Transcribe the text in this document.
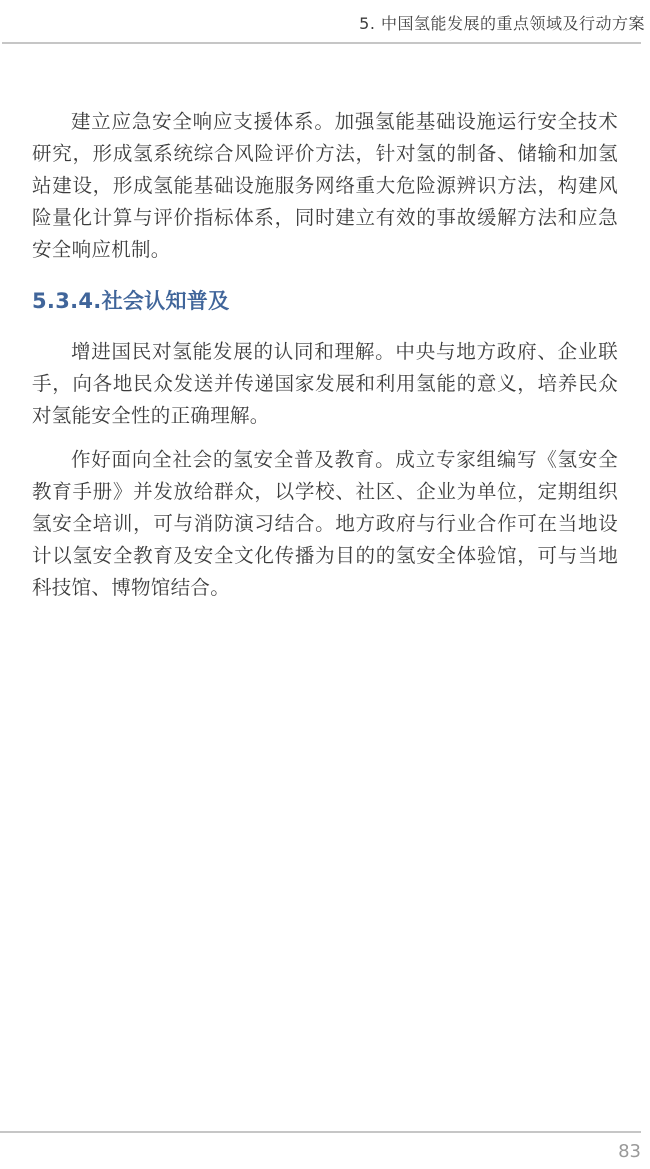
5. 中国氢能发展的重点领域及行动方案

建立应急安全响应支援体系。加强氢能基础设施运行安全技术研究，形成氢系统综合风险评价方法，针对氢的制备、储输和加氢站建设，形成氢能基础设施服务网络重大危险源辨识方法，构建风险量化计算与评价指标体系，同时建立有效的事故缓解方法和应急安全响应机制。

5.3.4.社会认知普及

增进国民对氢能发展的认同和理解。中央与地方政府、企业联手，向各地民众发送并传递国家发展和利用氢能的意义，培养民众对氢能安全性的正确理解。

作好面向全社会的氢安全普及教育。成立专家组编写《氢安全教育手册》并发放给群众，以学校、社区、企业为单位，定期组织氢安全培训，可与消防演习结合。地方政府与行业合作可在当地设计以氢安全教育及安全文化传播为目的的氢安全体验馆，可与当地科技馆、博物馆结合。

83
